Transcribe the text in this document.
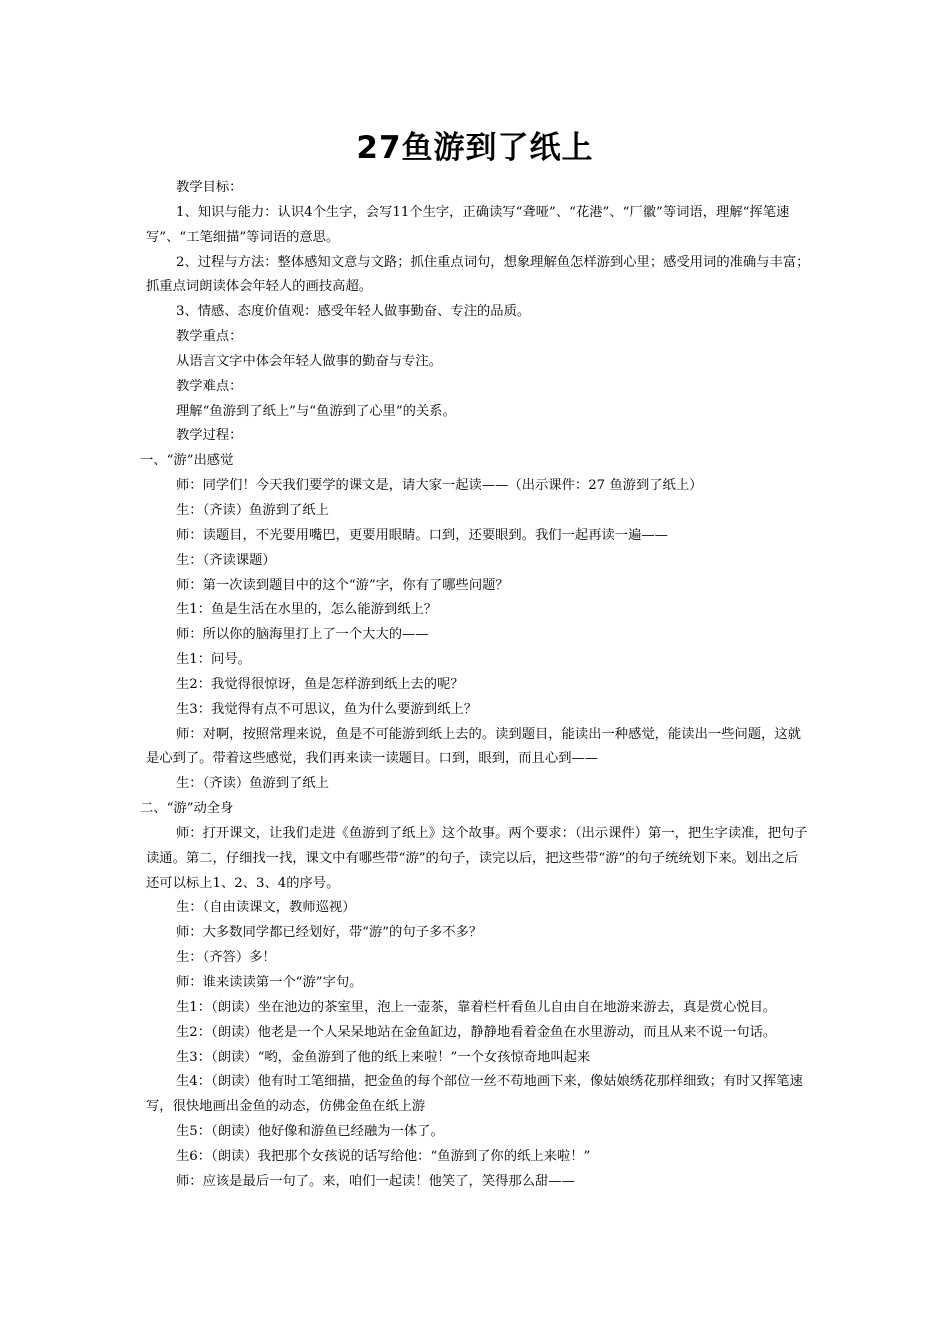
27鱼游到了纸上

教学目标：

1、知识与能力：认识4个生字，会写11个生字，正确读写“聋哑”、“花港”、“厂徽”等词语，理解“挥笔速写”、“工笔细描”等词语的意思。

2、过程与方法：整体感知文意与文路；抓住重点词句，想象理解鱼怎样游到心里；感受用词的准确与丰富；抓重点词朗读体会年轻人的画技高超。

3、情感、态度价值观：感受年轻人做事勤奋、专注的品质。

教学重点：

从语言文字中体会年轻人做事的勤奋与专注。

教学难点：

理解“鱼游到了纸上”与“鱼游到了心里”的关系。

教学过程：

一、“游”出感觉

师：同学们！今天我们要学的课文是，请大家一起读——（出示课件：27 鱼游到了纸上）

生：（齐读）鱼游到了纸上

师：读题目，不光要用嘴巴，更要用眼睛。口到，还要眼到。我们一起再读一遍——

生：（齐读课题）

师：第一次读到题目中的这个“游”字，你有了哪些问题？

生1：鱼是生活在水里的，怎么能游到纸上？

师：所以你的脑海里打上了一个大大的——

生1：问号。

生2：我觉得很惊讶，鱼是怎样游到纸上去的呢？

生3：我觉得有点不可思议，鱼为什么要游到纸上？

师：对啊，按照常理来说，鱼是不可能游到纸上去的。读到题目，能读出一种感觉，能读出一些问题，这就是心到了。带着这些感觉，我们再来读一读题目。口到，眼到，而且心到——

生：（齐读）鱼游到了纸上

二、“游”动全身

师：打开课文，让我们走进《鱼游到了纸上》这个故事。两个要求：（出示课件）第一，把生字读准，把句子读通。第二，仔细找一找，课文中有哪些带“游”的句子，读完以后，把这些带“游”的句子统统划下来。划出之后还可以标上1、2、3、4的序号。

生：（自由读课文，教师巡视）

师：大多数同学都已经划好，带“游”的句子多不多？

生：（齐答）多！

师：谁来读读第一个“游”字句。

生1：（朗读）坐在池边的茶室里，泡上一壶茶，靠着栏杆看鱼儿自由自在地游来游去，真是赏心悦目。

生2：（朗读）他老是一个人呆呆地站在金鱼缸边，静静地看着金鱼在水里游动，而且从来不说一句话。

生3：（朗读）“哟，金鱼游到了他的纸上来啦！”一个女孩惊奇地叫起来

生4：（朗读）他有时工笔细描，把金鱼的每个部位一丝不苟地画下来，像姑娘绣花那样细致；有时又挥笔速写，很快地画出金鱼的动态，仿佛金鱼在纸上游

生5：（朗读）他好像和游鱼已经融为一体了。

生6：（朗读）我把那个女孩说的话写给他：“鱼游到了你的纸上来啦！”

师：应该是最后一句了。来，咱们一起读！他笑了，笑得那么甜——
